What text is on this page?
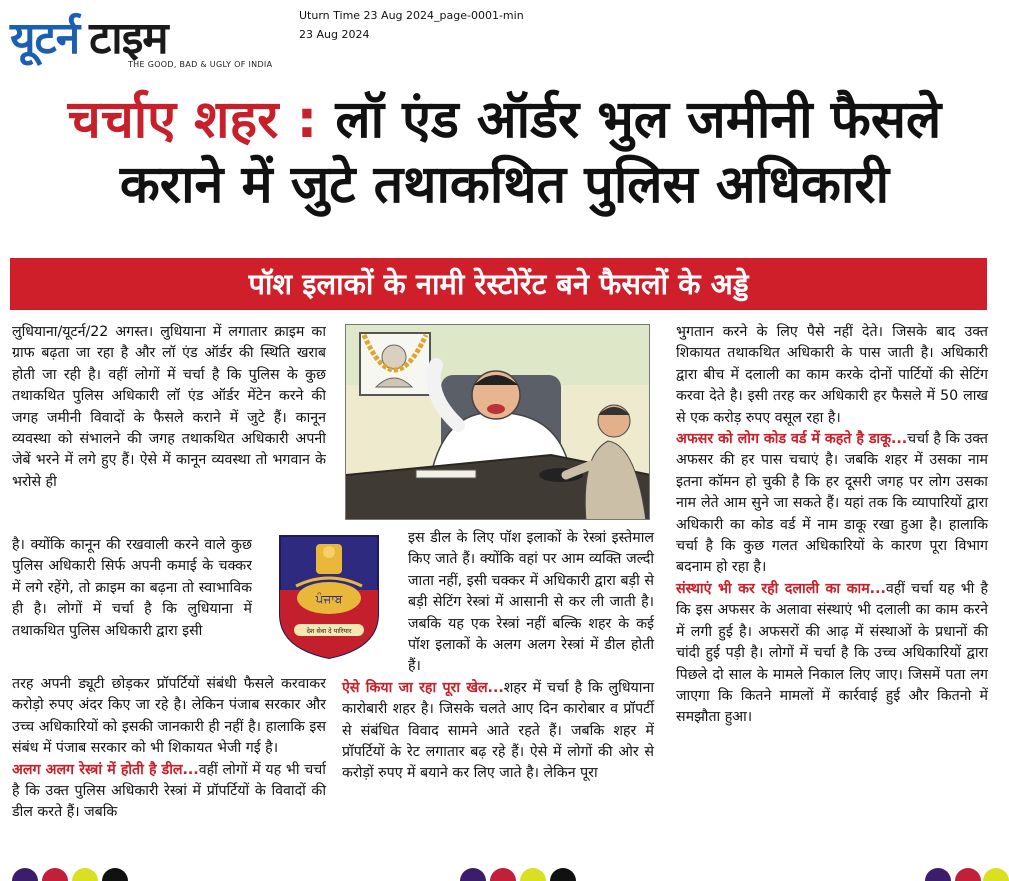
यूटर्न टाइम
THE GOOD, BAD & UGLY OF INDIA
Uturn Time 23 Aug 2024_page-0001-min
23 Aug 2024
चर्चाए शहर : लॉ एंड ऑर्डर भुल जमीनी फैसले
कराने में जुटे तथाकथित पुलिस अधिकारी
पॉश इलाकों के नामी रेस्टोरेंट बने फैसलों के अड्डे

लुधियाना/यूटर्न/22 अगस्त। लुधियाना में लगातार क्राइम का ग्राफ बढ़ता जा रहा है और लॉ एंड ऑर्डर की स्थिति खराब होती जा रही है। वहीं लोगों में चर्चा है कि पुलिस के कुछ तथाकथित पुलिस अधिकारी लॉ एंड ऑर्डर मेंटेन करने की जगह जमीनी विवादों के फैसले कराने में जुटे हैं। कानून व्यवस्था को संभालने की जगह तथाकथित अधिकारी अपनी जेबें भरने में लगे हुए हैं। ऐसे में कानून व्यवस्था तो भगवान के भरोसे ही

है। क्योंकि कानून की रखवाली करने वाले कुछ पुलिस अधिकारी सिर्फ अपनी कमाई के चक्कर में लगे रहेंगे, तो क्राइम का बढ़ना तो स्वाभाविक ही है। लोगों में चर्चा है कि लुधियाना में तथाकथित पुलिस अधिकारी द्वारा इसी

तरह अपनी ड्यूटी छोड़कर प्रॉपर्टियों संबंधी फैसले करवाकर करोड़ो रुपए अंदर किए जा रहे है। लेकिन पंजाब सरकार और उच्च अधिकारियों को इसकी जानकारी ही नहीं है। हालाकि इस संबंध में पंजाब सरकार को भी शिकायत भेजी गई है।

अलग अलग रेस्त्रां में होती है डील...वहीं लोगों में यह भी चर्चा है कि उक्त पुलिस अधिकारी रेस्त्रां में प्रॉपर्टियों के विवादों की डील करते हैं। जबकि

ਪੰਜਾਬ
देश सेवा दे पारियार

इस डील के लिए पॉश इलाकों के रेस्त्रां इस्तेमाल किए जाते हैं। क्योंकि वहां पर आम व्यक्ति जल्दी जाता नहीं, इसी चक्कर में अधिकारी द्वारा बड़ी से बड़ी सेटिंग रेस्त्रां में आसानी से कर ली जाती है। जबकि यह एक रेस्त्रां नहीं बल्कि शहर के कई पॉश इलाकों के अलग अलग रेस्त्रां में डील होती हैं।

ऐसे किया जा रहा पूरा खेल...शहर में चर्चा है कि लुधियाना कारोबारी शहर है। जिसके चलते आए दिन कारोबार व प्रॉपर्टी से संबंधित विवाद सामने आते रहते हैं। जबकि शहर में प्रॉपर्टियों के रेट लगातार बढ़ रहे हैं। ऐसे में लोगों की ओर से करोड़ों रुपए में बयाने कर लिए जाते है। लेकिन पूरा

भुगतान करने के लिए पैसे नहीं देते। जिसके बाद उक्त शिकायत तथाकथित अधिकारी के पास जाती है। अधिकारी द्वारा बीच में दलाली का काम करके दोनों पार्टियों की सेटिंग करवा देते है। इसी तरह कर अधिकारी हर फैसले में 50 लाख से एक करोड़ रुपए वसूल रहा है।

अफसर को लोग कोड वर्ड में कहते है डाकू...चर्चा है कि उक्त अफसर की हर पास चचाएं है। जबकि शहर में उसका नाम इतना कॉमन हो चुकी है कि हर दूसरी जगह पर लोग उसका नाम लेते आम सुने जा सकते हैं। यहां तक कि व्यापारियों द्वारा अधिकारी का कोड वर्ड में नाम डाकू रखा हुआ है। हालाकि चर्चा है कि कुछ गलत अधिकारियों के कारण पूरा विभाग बदनाम हो रहा है।

संस्थाएं भी कर रही दलाली का काम...वहीं चर्चा यह भी है कि इस अफसर के अलावा संस्थाएं भी दलाली का काम करने में लगी हुई है। अफसरों की आढ़ में संस्थाओं के प्रधानों की चांदी हुई पड़ी है। लोगों में चर्चा है कि उच्च अधिकारियों द्वारा पिछले दो साल के मामले निकाल लिए जाए। जिसमें पता लग जाएगा कि कितने मामलों में कार्रवाई हुई और कितनो में समझौता हुआ।
